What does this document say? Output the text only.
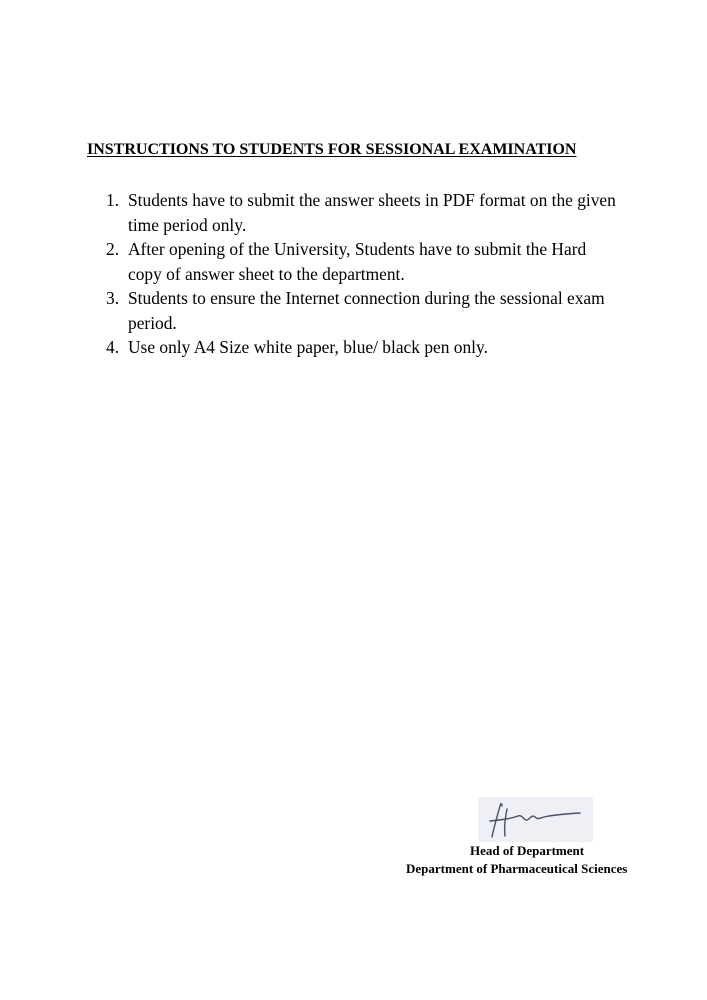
INSTRUCTIONS TO STUDENTS FOR SESSIONAL EXAMINATION
1. Students have to submit the answer sheets in PDF format on the given
time period only.
2. After opening of the University, Students have to submit the Hard
copy of answer sheet to the department.
3. Students to ensure the Internet connection during the sessional exam
period.
4. Use only A4 Size white paper, blue/ black pen only.

Head of Department

Department of Pharmaceutical Sciences
